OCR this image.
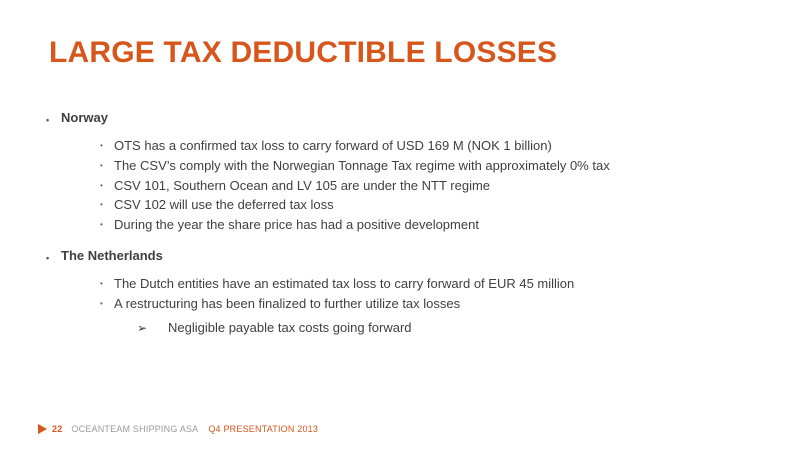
LARGE TAX DEDUCTIBLE LOSSES
• Norway
• OTS has a confirmed tax loss to carry forward of USD 169 M (NOK 1 billion)
• The CSV’s comply with the Norwegian Tonnage Tax regime with approximately 0% tax
• CSV 101, Southern Ocean and LV 105 are under the NTT regime
• CSV 102 will use the deferred tax loss
• During the year the share price has had a positive development
• The Netherlands
• The Dutch entities have an estimated tax loss to carry forward of EUR 45 million
• A restructuring has been finalized to further utilize tax losses
➢	Negligible payable tax costs going forward
22 OCEANTEAM SHIPPING ASA Q4 PRESENTATION 2013
